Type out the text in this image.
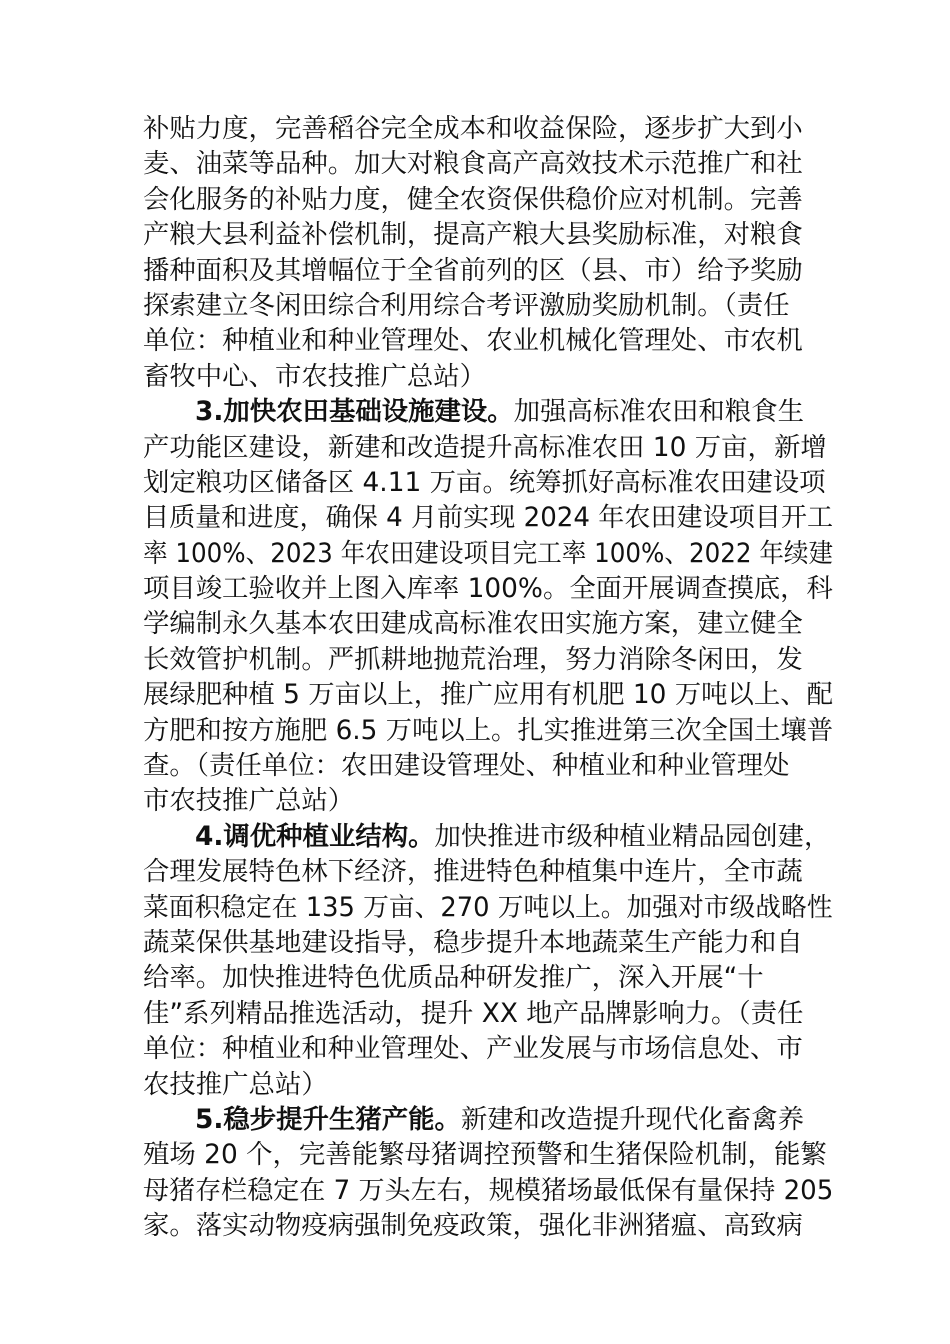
补贴力度，完善稻谷完全成本和收益保险，逐步扩大到小
麦、油菜等品种。加大对粮食高产高效技术示范推广和社
会化服务的补贴力度，健全农资保供稳价应对机制。完善
产粮大县利益补偿机制，提高产粮大县奖励标准，对粮食
播种面积及其增幅位于全省前列的区（县、市）给予奖励
探索建立冬闲田综合利用综合考评激励奖励机制。（责任
单位：种植业和种业管理处、农业机械化管理处、市农机
畜牧中心、市农技推广总站）
3.加快农田基础设施建设。加强高标准农田和粮食生
产功能区建设，新建和改造提升高标准农田 10 万亩，新增
划定粮功区储备区 4.11 万亩。统筹抓好高标准农田建设项
目质量和进度，确保 4 月前实现 2024 年农田建设项目开工
率 100%、2023 年农田建设项目完工率 100%、2022 年续建
项目竣工验收并上图入库率 100%。全面开展调查摸底，科
学编制永久基本农田建成高标准农田实施方案，建立健全
长效管护机制。严抓耕地抛荒治理，努力消除冬闲田，发
展绿肥种植 5 万亩以上，推广应用有机肥 10 万吨以上、配
方肥和按方施肥 6.5 万吨以上。扎实推进第三次全国土壤普
查。（责任单位：农田建设管理处、种植业和种业管理处
市农技推广总站）
4.调优种植业结构。加快推进市级种植业精品园创建，
合理发展特色林下经济，推进特色种植集中连片，全市蔬
菜面积稳定在 135 万亩、270 万吨以上。加强对市级战略性
蔬菜保供基地建设指导，稳步提升本地蔬菜生产能力和自
给率。加快推进特色优质品种研发推广，深入开展“十
佳”系列精品推选活动，提升 XX 地产品牌影响力。（责任
单位：种植业和种业管理处、产业发展与市场信息处、市
农技推广总站）
5.稳步提升生猪产能。新建和改造提升现代化畜禽养
殖场 20 个，完善能繁母猪调控预警和生猪保险机制，能繁
母猪存栏稳定在 7 万头左右，规模猪场最低保有量保持 205
家。落实动物疫病强制免疫政策，强化非洲猪瘟、高致病
